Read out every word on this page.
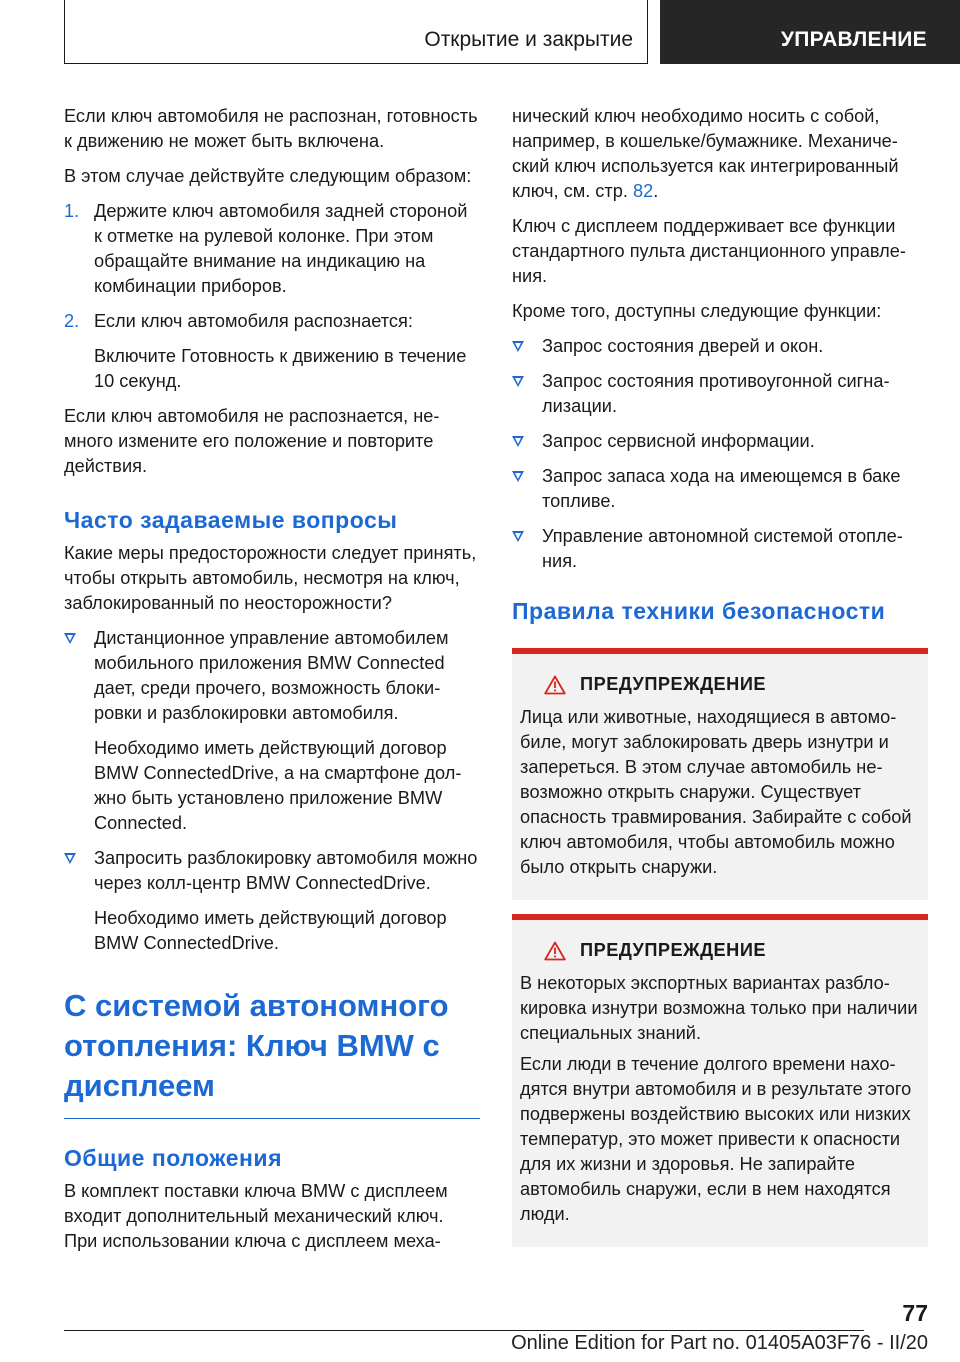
Открытие и закрытие	УПРАВЛЕНИЕ

Если ключ автомобиля не распознан, готовность к движению не может быть включена.

В этом случае действуйте следующим образом:

1. Держите ключ автомобиля задней стороной к отметке на рулевой колонке. При этом обращайте внимание на индикацию на комбинации приборов.

2. Если ключ автомобиля распознается:

Включите Готовность к движению в течение 10 секунд.

Если ключ автомобиля не распознается, немного измените его положение и повторите действия.

Часто задаваемые вопросы

Какие меры предосторожности следует принять, чтобы открыть автомобиль, несмотря на ключ, заблокированный по неосторожности?

Дистанционное управление автомобилем мобильного приложения BMW Connected дает, среди прочего, возможность блокировки и разблокировки автомобиля.

Необходимо иметь действующий договор BMW ConnectedDrive, а на смартфоне должно быть установлено приложение BMW Connected.

Запросить разблокировку автомобиля можно через колл-центр BMW ConnectedDrive.

Необходимо иметь действующий договор BMW ConnectedDrive.

С системой автономного отопления: Ключ BMW с дисплеем
Общие положения

В комплект поставки ключа BMW с дисплеем входит дополнительный механический ключ. При использовании ключа с дисплеем меха-

нический ключ необходимо носить с собой, например, в кошельке/бумажнике. Механический ключ используется как интегрированный ключ, см. стр. 82.

Ключ с дисплеем поддерживает все функции стандартного пульта дистанционного управления.

Кроме того, доступны следующие функции:

Запрос состояния дверей и окон.

Запрос состояния противоугонной сигнализации.

Запрос сервисной информации.

Запрос запаса хода на имеющемся в баке топливе.

Управление автономной системой отопления.

Правила техники безопасности
ПРЕДУПРЕЖДЕНИЕ

Лица или животные, находящиеся в автомобиле, могут заблокировать дверь изнутри и запереться. В этом случае автомобиль невозможно открыть снаружи. Существует опасность травмирования. Забирайте с собой ключ автомобиля, чтобы автомобиль можно было открыть снаружи.

ПРЕДУПРЕЖДЕНИЕ

В некоторых экспортных вариантах разблокировка изнутри возможна только при наличии специальных знаний.

Если люди в течение долгого времени находятся внутри автомобиля и в результате этого подвержены воздействию высоких или низких температур, это может привести к опасности для их жизни и здоровья. Не запирайте автомобиль снаружи, если в нем находятся люди.

77
Online Edition for Part no. 01405A03F76 - II/20
